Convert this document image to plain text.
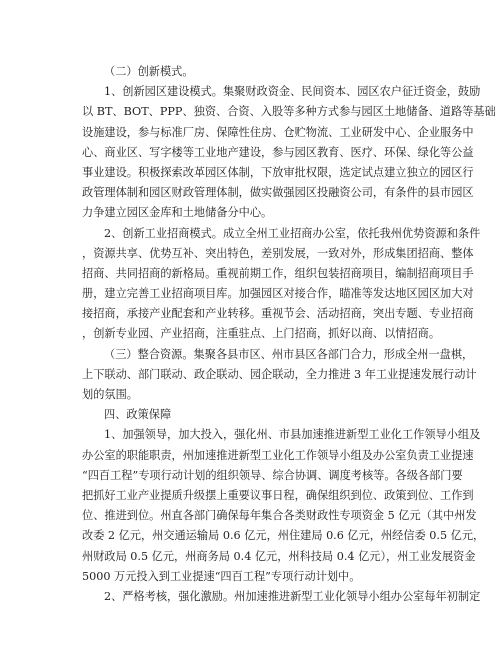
（二）创新模式。
1、创新园区建设模式。集聚财政资金、民间资本、园区农户征迁资金，鼓励
以 BT、BOT、PPP、独资、合资、入股等多种方式参与园区土地储备、道路等基础
设施建设，参与标准厂房、保障性住房、仓贮物流、工业研发中心、企业服务中
心、商业区、写字楼等工业地产建设，参与园区教育、医疗、环保、绿化等公益
事业建设。积极探索改革园区体制，下放审批权限，选定试点建立独立的园区行
政管理体制和园区财政管理体制，做实做强园区投融资公司，有条件的县市园区
力争建立园区金库和土地储备分中心。
2、创新工业招商模式。成立全州工业招商办公室，依托我州优势资源和条件
，资源共享、优势互补、突出特色，差别发展，一致对外，形成集团招商、整体
招商、共同招商的新格局。重视前期工作，组织包装招商项目，编制招商项目手
册，建立完善工业招商项目库。加强园区对接合作，瞄准等发达地区园区加大对
接招商，承接产业配套和产业转移。重视节会、活动招商，突出专题、专业招商
，创新专业园、产业招商，注重驻点、上门招商，抓好以商、以情招商。
（三）整合资源。集聚各县市区、州市县区各部门合力，形成全州一盘棋，
上下联动、部门联动、政企联动、园企联动，全力推进 3 年工业提速发展行动计
划的氛围。
四、政策保障
1、加强领导，加大投入，强化州、市县加速推进新型工业化工作领导小组及
办公室的职能职责，州加速推进新型工业化工作领导小组及办公室负责工业提速
“四百工程”专项行动计划的组织领导、综合协调、调度考核等。各级各部门要
把抓好工业产业提质升级摆上重要议事日程，确保组织到位、政策到位、工作到
位、推进到位。州直各部门确保每年集合各类财政性专项资金 5 亿元（其中州发
改委 2 亿元，州交通运输局 0.6 亿元，州住建局 0.6 亿元，州经信委 0.5 亿元，
州财政局 0.5 亿元，州商务局 0.4 亿元，州科技局 0.4 亿元），州工业发展资金
5000 万元投入到工业提速“四百工程”专项行动计划中。
2、严格考核，强化激励。州加速推进新型工业化领导小组办公室每年初制定
